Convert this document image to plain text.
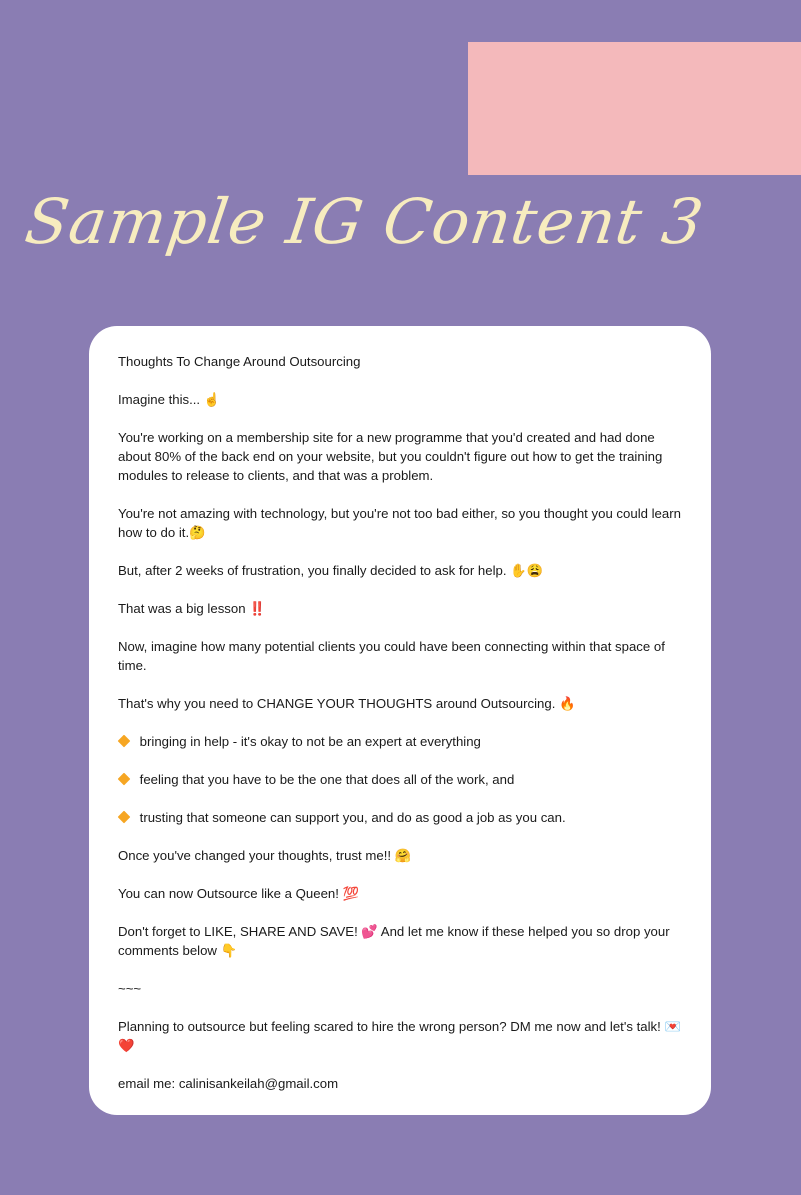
Sample IG Content 3

Thoughts To Change Around Outsourcing

Imagine this... ☝️

You're working on a membership site for a new programme that you'd created and had done about 80% of the back end on your website, but you couldn't figure out how to get the training modules to release to clients, and that was a problem.

You're not amazing with technology, but you're not too bad either, so you thought you could learn how to do it.🤔

But, after 2 weeks of frustration, you finally decided to ask for help. ✋😩

That was a big lesson ‼️

Now, imagine how many potential clients you could have been connecting within that space of time.

That's why you need to CHANGE YOUR THOUGHTS around Outsourcing. 🔥

bringing in help - it's okay to not be an expert at everything

feeling that you have to be the one that does all of the work, and

trusting that someone can support you, and do as good a job as you can.

Once you've changed your thoughts, trust me!! 🤗

You can now Outsource like a Queen! 💯

Don't forget to LIKE, SHARE AND SAVE! 💕 And let me know if these helped you so drop your comments below 👇

~~~

Planning to outsource but feeling scared to hire the wrong person? DM me now and let's talk! 💌❤️

email me: calinisankeilah@gmail.com
